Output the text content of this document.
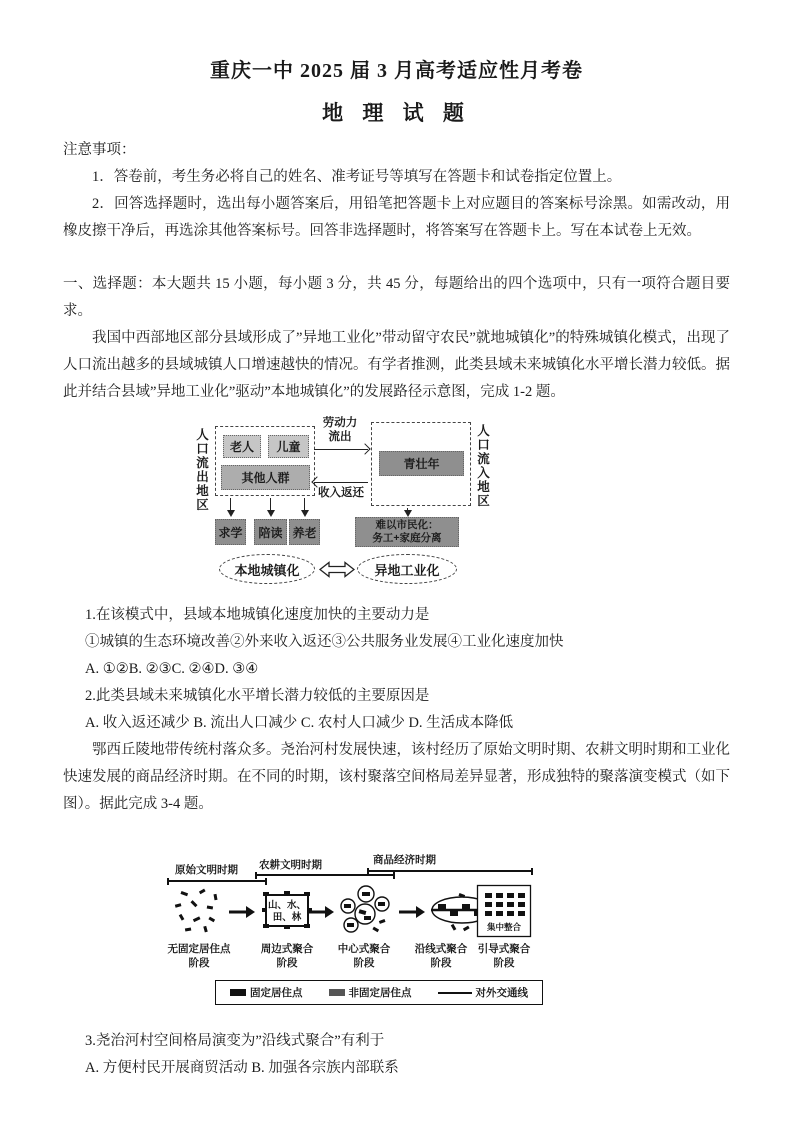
重庆一中 2025 届 3 月高考适应性月考卷
地 理 试 题

注意事项：

1．答卷前，考生务必将自己的姓名、准考证号等填写在答题卡和试卷指定位置上。

2．回答选择题时，选出每小题答案后，用铅笔把答题卡上对应题目的答案标号涂黑。如需改动，用橡皮擦干净后，再选涂其他答案标号。回答非选择题时，将答案写在答题卡上。写在本试卷上无效。

一、选择题：本大题共 15 小题，每小题 3 分，共 45 分，每题给出的四个选项中，只有一项符合题目要求。

我国中西部地区部分县域形成了”异地工业化”带动留守农民”就地城镇化”的特殊城镇化模式，出现了人口流出越多的县域城镇人口增速越快的情况。有学者推测，此类县域未来城镇化水平增长潜力较低。据此并结合县域”异地工业化”驱动”本地城镇化”的发展路径示意图，完成 1-2 题。

人口流出地区
老人	儿童
其他人群
劳动力
流出
收入返还
青壮年
人口流入地区
求学	陪读 养老
难以市民化：
务工+家庭分离
本地城镇化	异地工业化

1.在该模式中，县域本地城镇化速度加快的主要动力是

①城镇的生态环境改善②外来收入返还③公共服务业发展④工业化速度加快

A. ①②B. ②③C. ②④D. ③④

2.此类县域未来城镇化水平增长潜力较低的主要原因是

A. 收入返还减少 B. 流出人口减少 C. 农村人口减少 D. 生活成本降低

鄂西丘陵地带传统村落众多。尧治河村发展快速，该村经历了原始文明时期、农耕文明时期和工业化快速发展的商品经济时期。在不同的时期，该村聚落空间格局差异显著，形成独特的聚落演变模式（如下图）。据此完成 3-4 题。

原始文明时期 农耕文明时期	商品经济时期
山、水、
田、林
集中整合
无固定居住点
阶段
周边式聚合
阶段
中心式聚合
阶段
沿线式聚合
阶段
引导式聚合
阶段
固定居住点	非固定居住点	对外交通线

3.尧治河村空间格局演变为”沿线式聚合”有利于

A. 方便村民开展商贸活动 B. 加强各宗族内部联系
